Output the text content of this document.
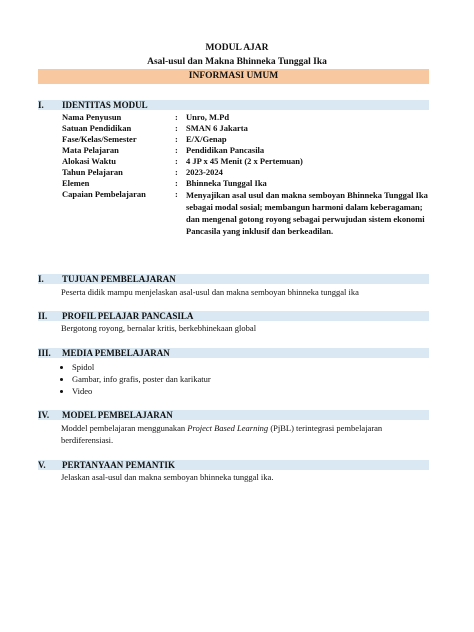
MODUL AJAR
Asal-usul dan Makna Bhinneka Tunggal Ika
INFORMASI UMUM
I. IDENTITAS MODUL
Nama Penyusun	: Unro, M.Pd
Satuan Pendidikan	: SMAN 6 Jakarta
Fase/Kelas/Semester	: E/X/Genap
Mata Pelajaran	: Pendidikan Pancasila
Alokasi Waktu	: 4 JP x 45 Menit (2 x Pertemuan)
Tahun Pelajaran	: 2023-2024
Elemen	: Bhinneka Tunggal Ika
Capaian Pembelajaran	: Menyajikan asal usul dan makna semboyan Bhinneka Tunggal Ika sebagai modal sosial; membangun harmoni dalam keberagaman; dan mengenal gotong royong sebagai perwujudan sistem ekonomi Pancasila yang inklusif dan berkeadilan.
I. TUJUAN PEMBELAJARAN
Peserta didik mampu menjelaskan asal-usul dan makna semboyan bhinneka tunggal ika
II. PROFIL PELAJAR PANCASILA
Bergotong royong, bernalar kritis, berkebhinekaan global
III. MEDIA PEMBELAJARAN
• Spidol
• Gambar, info grafis, poster dan karikatur
• Video
IV. MODEL PEMBELAJARAN
Moddel pembelajaran menggunakan Project Based Learning (PjBL) terintegrasi pembelajaran berdiferensiasi.
V. PERTANYAAN PEMANTIK
Jelaskan asal-usul dan makna semboyan bhinneka tunggal ika.
